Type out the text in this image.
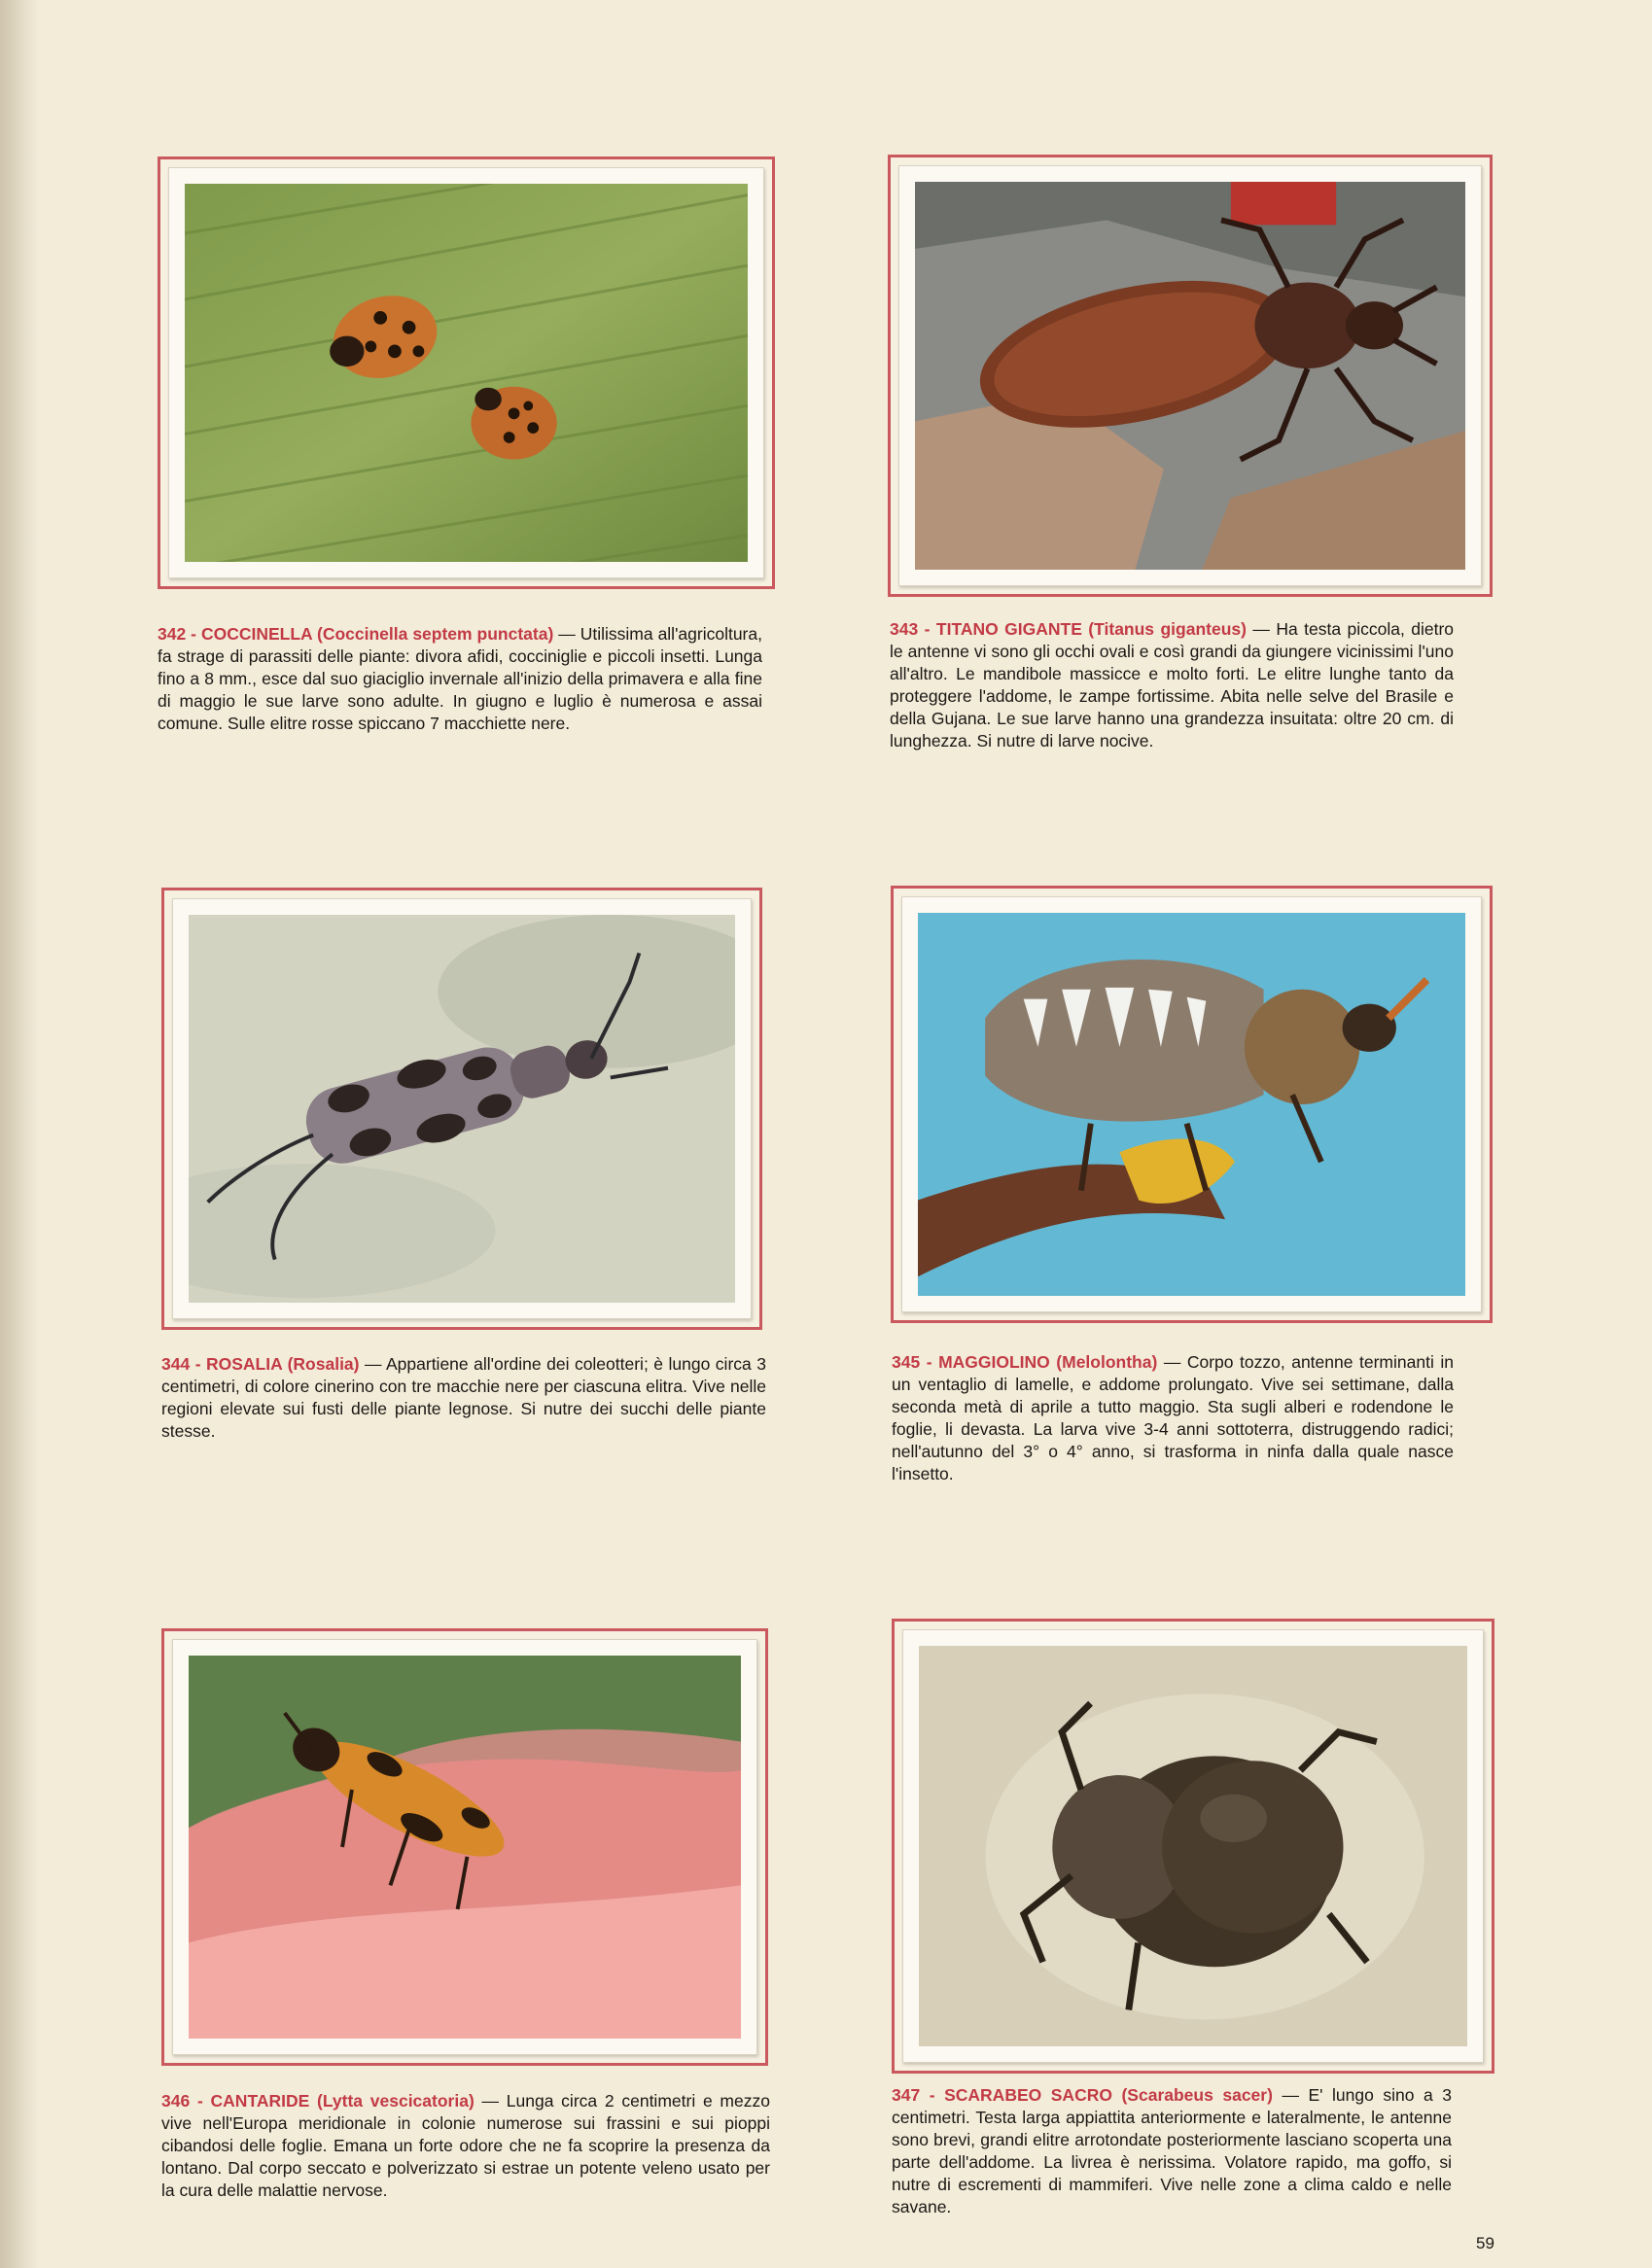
342 - COCCINELLA (Coccinella septem punctata) — Utilissima all'agricoltura, fa strage di parassiti delle piante: divora afidi, cocciniglie e piccoli insetti. Lunga fino a 8 mm., esce dal suo giaciglio invernale all'inizio della primavera e alla fine di maggio le sue larve sono adulte. In giugno e luglio è numerosa e assai comune. Sulle elitre rosse spiccano 7 macchiette nere.
343 - TITANO GIGANTE (Titanus giganteus) — Ha testa piccola, dietro le antenne vi sono gli occhi ovali e così grandi da giungere vicinissimi l'uno all'altro. Le mandibole massicce e molto forti. Le elitre lunghe tanto da proteggere l'addome, le zampe fortissime. Abita nelle selve del Brasile e della Gujana. Le sue larve hanno una grandezza insuitata: oltre 20 cm. di lunghezza. Si nutre di larve nocive.
344 - ROSALIA (Rosalia) — Appartiene all'ordine dei coleotteri; è lungo circa 3 centimetri, di colore cinerino con tre macchie nere per ciascuna elitra. Vive nelle regioni elevate sui fusti delle piante legnose. Si nutre dei succhi delle piante stesse.
345 - MAGGIOLINO (Melolontha) — Corpo tozzo, antenne terminanti in un ventaglio di lamelle, e addome prolungato. Vive sei settimane, dalla seconda metà di aprile a tutto maggio. Sta sugli alberi e rodendone le foglie, li devasta. La larva vive 3-4 anni sottoterra, distruggendo radici; nell'autunno del 3° o 4° anno, si trasforma in ninfa dalla quale nasce l'insetto.
346 - CANTARIDE (Lytta vescicatoria) — Lunga circa 2 centimetri e mezzo vive nell'Europa meridionale in colonie numerose sui frassini e sui pioppi cibandosi delle foglie. Emana un forte odore che ne fa scoprire la presenza da lontano. Dal corpo seccato e polverizzato si estrae un potente veleno usato per la cura delle malattie nervose.
347 - SCARABEO SACRO (Scarabeus sacer) — E' lungo sino a 3 centimetri. Testa larga appiattita anteriormente e lateralmente, le antenne sono brevi, grandi elitre arrotondate posteriormente lasciano scoperta una parte dell'addome. La livrea è nerissima. Volatore rapido, ma goffo, si nutre di escrementi di mammiferi. Vive nelle zone a clima caldo e nelle savane.
59
